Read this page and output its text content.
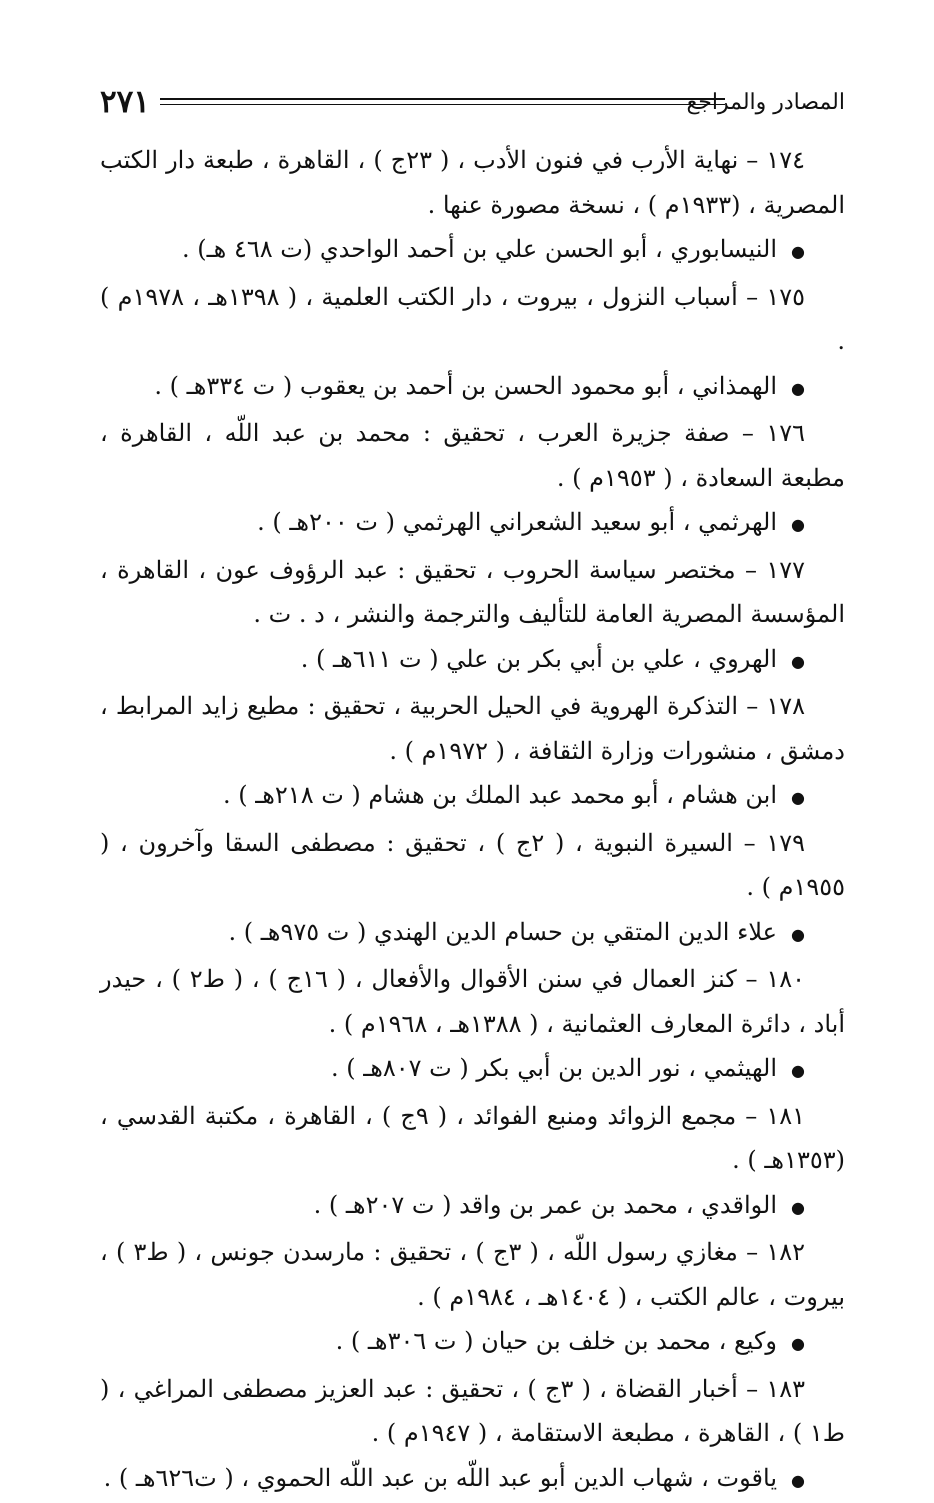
٢٧١	المصادر والمراجع

١٧٤ – نهاية الأرب في فنون الأدب ، ( ٢٣ج ) ، القاهرة ، طبعة دار الكتب المصرية ، (١٩٣٣م ) ، نسخة مصورة عنها .

●النيسابوري ، أبو الحسن علي بن أحمد الواحدي (ت ٤٦٨ هـ) .

١٧٥ – أسباب النزول ، بيروت ، دار الكتب العلمية ، ( ١٣٩٨هـ ، ١٩٧٨م ) .

●الهمذاني ، أبو محمود الحسن بن أحمد بن يعقوب ( ت ٣٣٤هـ ) .

١٧٦ – صفة جزيرة العرب ، تحقيق : محمد بن عبد اللّه ، القاهرة ، مطبعة السعادة ، ( ١٩٥٣م ) .

●الهرثمي ، أبو سعيد الشعراني الهرثمي ( ت ٢٠٠هـ ) .

١٧٧ – مختصر سياسة الحروب ، تحقيق : عبد الرؤوف عون ، القاهرة ، المؤسسة المصرية العامة للتأليف والترجمة والنشر ، د . ت .

●الهروي ، علي بن أبي بكر بن علي ( ت ٦١١هـ ) .

١٧٨ – التذكرة الهروية في الحيل الحربية ، تحقيق : مطيع زايد المرابط ، دمشق ، منشورات وزارة الثقافة ، ( ١٩٧٢م ) .

●ابن هشام ، أبو محمد عبد الملك بن هشام ( ت ٢١٨هـ ) .

١٧٩ – السيرة النبوية ، ( ٢ج ) ، تحقيق : مصطفى السقا وآخرون ، ( ١٩٥٥م ) .

●علاء الدين المتقي بن حسام الدين الهندي ( ت ٩٧٥هـ ) .

١٨٠ – كنز العمال في سنن الأقوال والأفعال ، ( ١٦ج ) ، ( ط٢ ) ، حيدر أباد ، دائرة المعارف العثمانية ، ( ١٣٨٨هـ ، ١٩٦٨م ) .

●الهيثمي ، نور الدين بن أبي بكر ( ت ٨٠٧هـ ) .

١٨١ – مجمع الزوائد ومنبع الفوائد ، ( ٩ج ) ، القاهرة ، مكتبة القدسي ، (١٣٥٣هـ ) .

●الواقدي ، محمد بن عمر بن واقد ( ت ٢٠٧هـ ) .

١٨٢ – مغازي رسول اللّه ، ( ٣ج ) ، تحقيق : مارسدن جونس ، ( ط٣ ) ، بيروت ، عالم الكتب ، ( ١٤٠٤هـ ، ١٩٨٤م ) .

●وكيع ، محمد بن خلف بن حيان ( ت ٣٠٦هـ ) .

١٨٣ – أخبار القضاة ، ( ٣ج ) ، تحقيق : عبد العزيز مصطفى المراغي ، ( ط١ ) ، القاهرة ، مطبعة الاستقامة ، ( ١٩٤٧م ) .

●ياقوت ، شهاب الدين أبو عبد اللّه بن عبد اللّه الحموي ، ( ت٦٢٦هـ ) .
